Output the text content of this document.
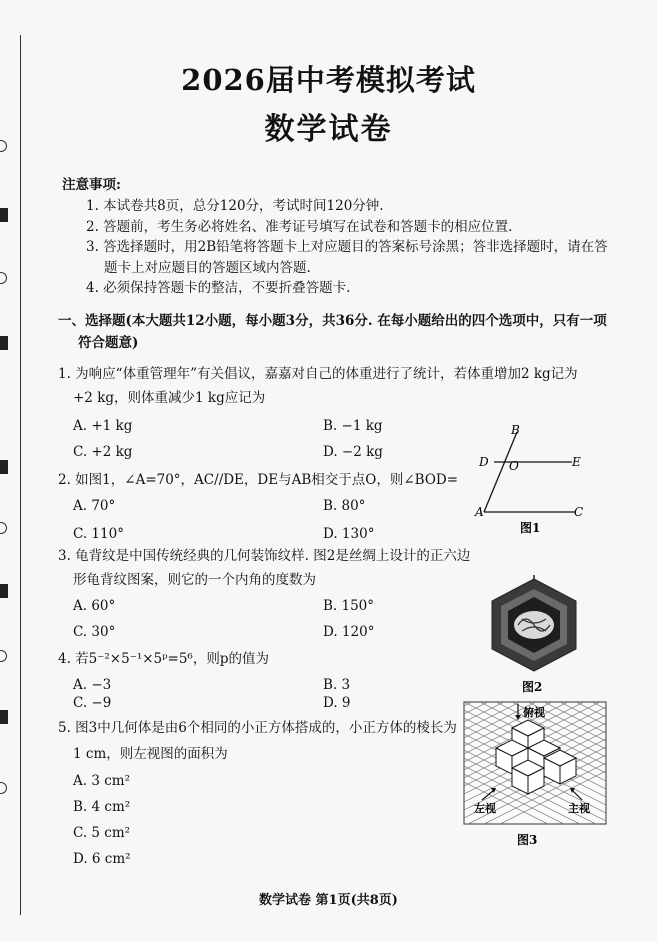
2026届中考模拟考试
数学试卷
注意事项:
1. 本试卷共8页，总分120分，考试时间120分钟.
2. 答题前，考生务必将姓名、准考证号填写在试卷和答题卡的相应位置.
3. 答选择题时，用2B铅笔将答题卡上对应题目的答案标号涂黑；答非选择题时，请在答
题卡上对应题目的答题区域内答题.
4. 必须保持答题卡的整洁，不要折叠答题卡.
一、选择题(本大题共12小题，每小题3分，共36分. 在每小题给出的四个选项中，只有一项
符合题意)
1. 为响应“体重管理年”有关倡议，嘉嘉对自己的体重进行了统计，若体重增加2 kg记为
+2 kg，则体重减少1 kg应记为
A. +1 kg	B. −1 kg
C. +2 kg	D. −2 kg
2. 如图1，∠A=70°，AC//DE，DE与AB相交于点O，则∠BOD=
A. 70°	B. 80°
C. 110°	D. 130°
3. 龟背纹是中国传统经典的几何装饰纹样. 图2是丝绸上设计的正六边
形龟背纹图案，则它的一个内角的度数为
A. 60°	B. 150°
C. 30°	D. 120°
4. 若5⁻²×5⁻¹×5ᵖ=5⁶，则p的值为
A. −3	B. 3
C. −9	D. 9
5. 图3中几何体是由6个相同的小正方体搭成的，小正方体的棱长为
1 cm，则左视图的面积为
A. 3 cm²
B. 4 cm²
C. 5 cm²
D. 6 cm²
B
D O	E
A	C
图1
图2
俯视
左视	主视
图3
数学试卷 第1页(共8页)
